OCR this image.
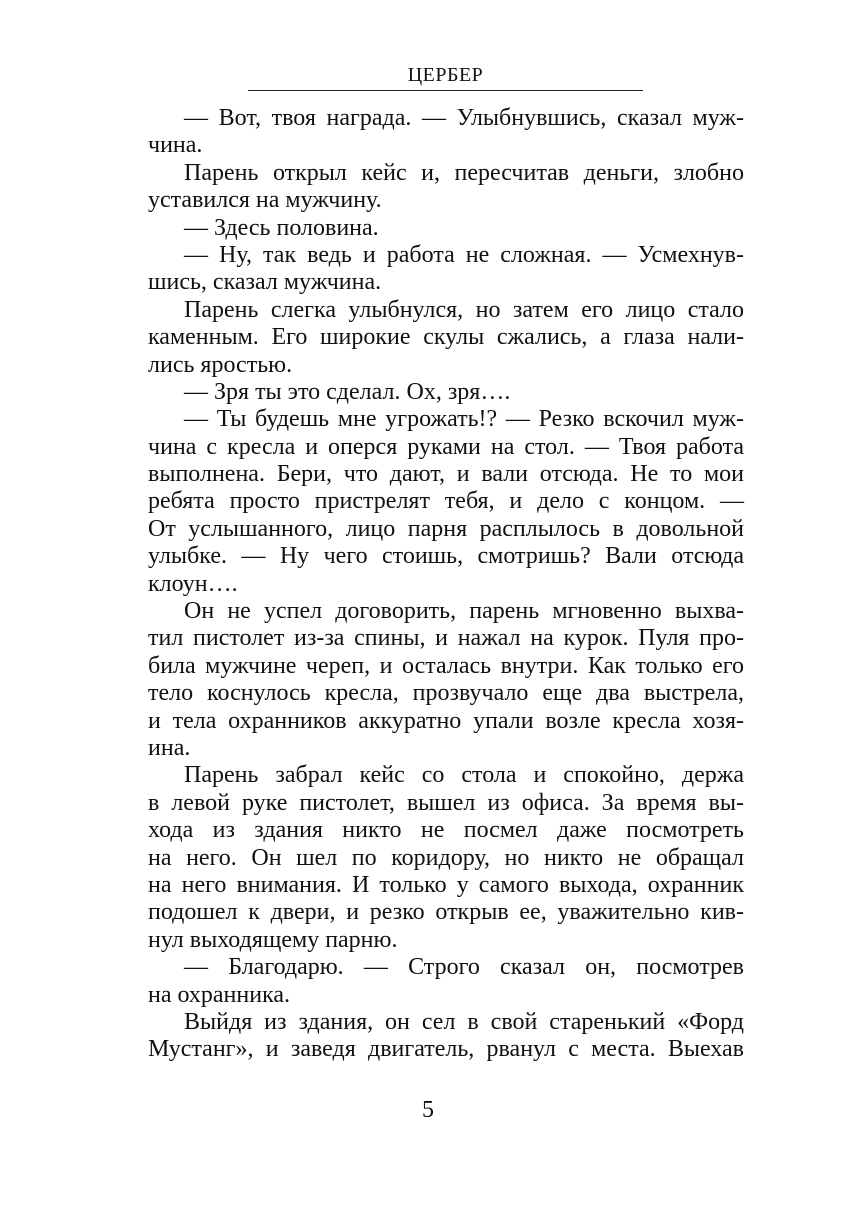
ЦЕРБЕР
— Вот, твоя награда. — Улыбнувшись, сказал муж-
чина.
Парень открыл кейс и, пересчитав деньги, злобно
уставился на мужчину.
— Здесь половина.
— Ну, так ведь и работа не сложная. — Усмехнув-
шись, сказал мужчина.
Парень слегка улыбнулся, но затем его лицо стало
каменным. Его широкие скулы сжались, а глаза нали-
лись яростью.
— Зря ты это сделал. Ох, зря….
— Ты будешь мне угрожать!? — Резко вскочил муж-
чина с кресла и оперся руками на стол. — Твоя работа
выполнена. Бери, что дают, и вали отсюда. Не то мои
ребята просто пристрелят тебя, и дело с концом. —
От услышанного, лицо парня расплылось в довольной
улыбке. — Ну чего стоишь, смотришь? Вали отсюда
клоун….
Он не успел договорить, парень мгновенно выхва-
тил пистолет из-за спины, и нажал на курок. Пуля про-
била мужчине череп, и осталась внутри. Как только его
тело коснулось кресла, прозвучало еще два выстрела,
и тела охранников аккуратно упали возле кресла хозя-
ина.
Парень забрал кейс со стола и спокойно, держа
в левой руке пистолет, вышел из офиса. За время вы-
хода из здания никто не посмел даже посмотреть
на него. Он шел по коридору, но никто не обращал
на него внимания. И только у самого выхода, охранник
подошел к двери, и резко открыв ее, уважительно кив-
нул выходящему парню.
— Благодарю. — Строго сказал он, посмотрев
на охранника.
Выйдя из здания, он сел в свой старенький «Форд
Мустанг», и заведя двигатель, рванул с места. Выехав
5
